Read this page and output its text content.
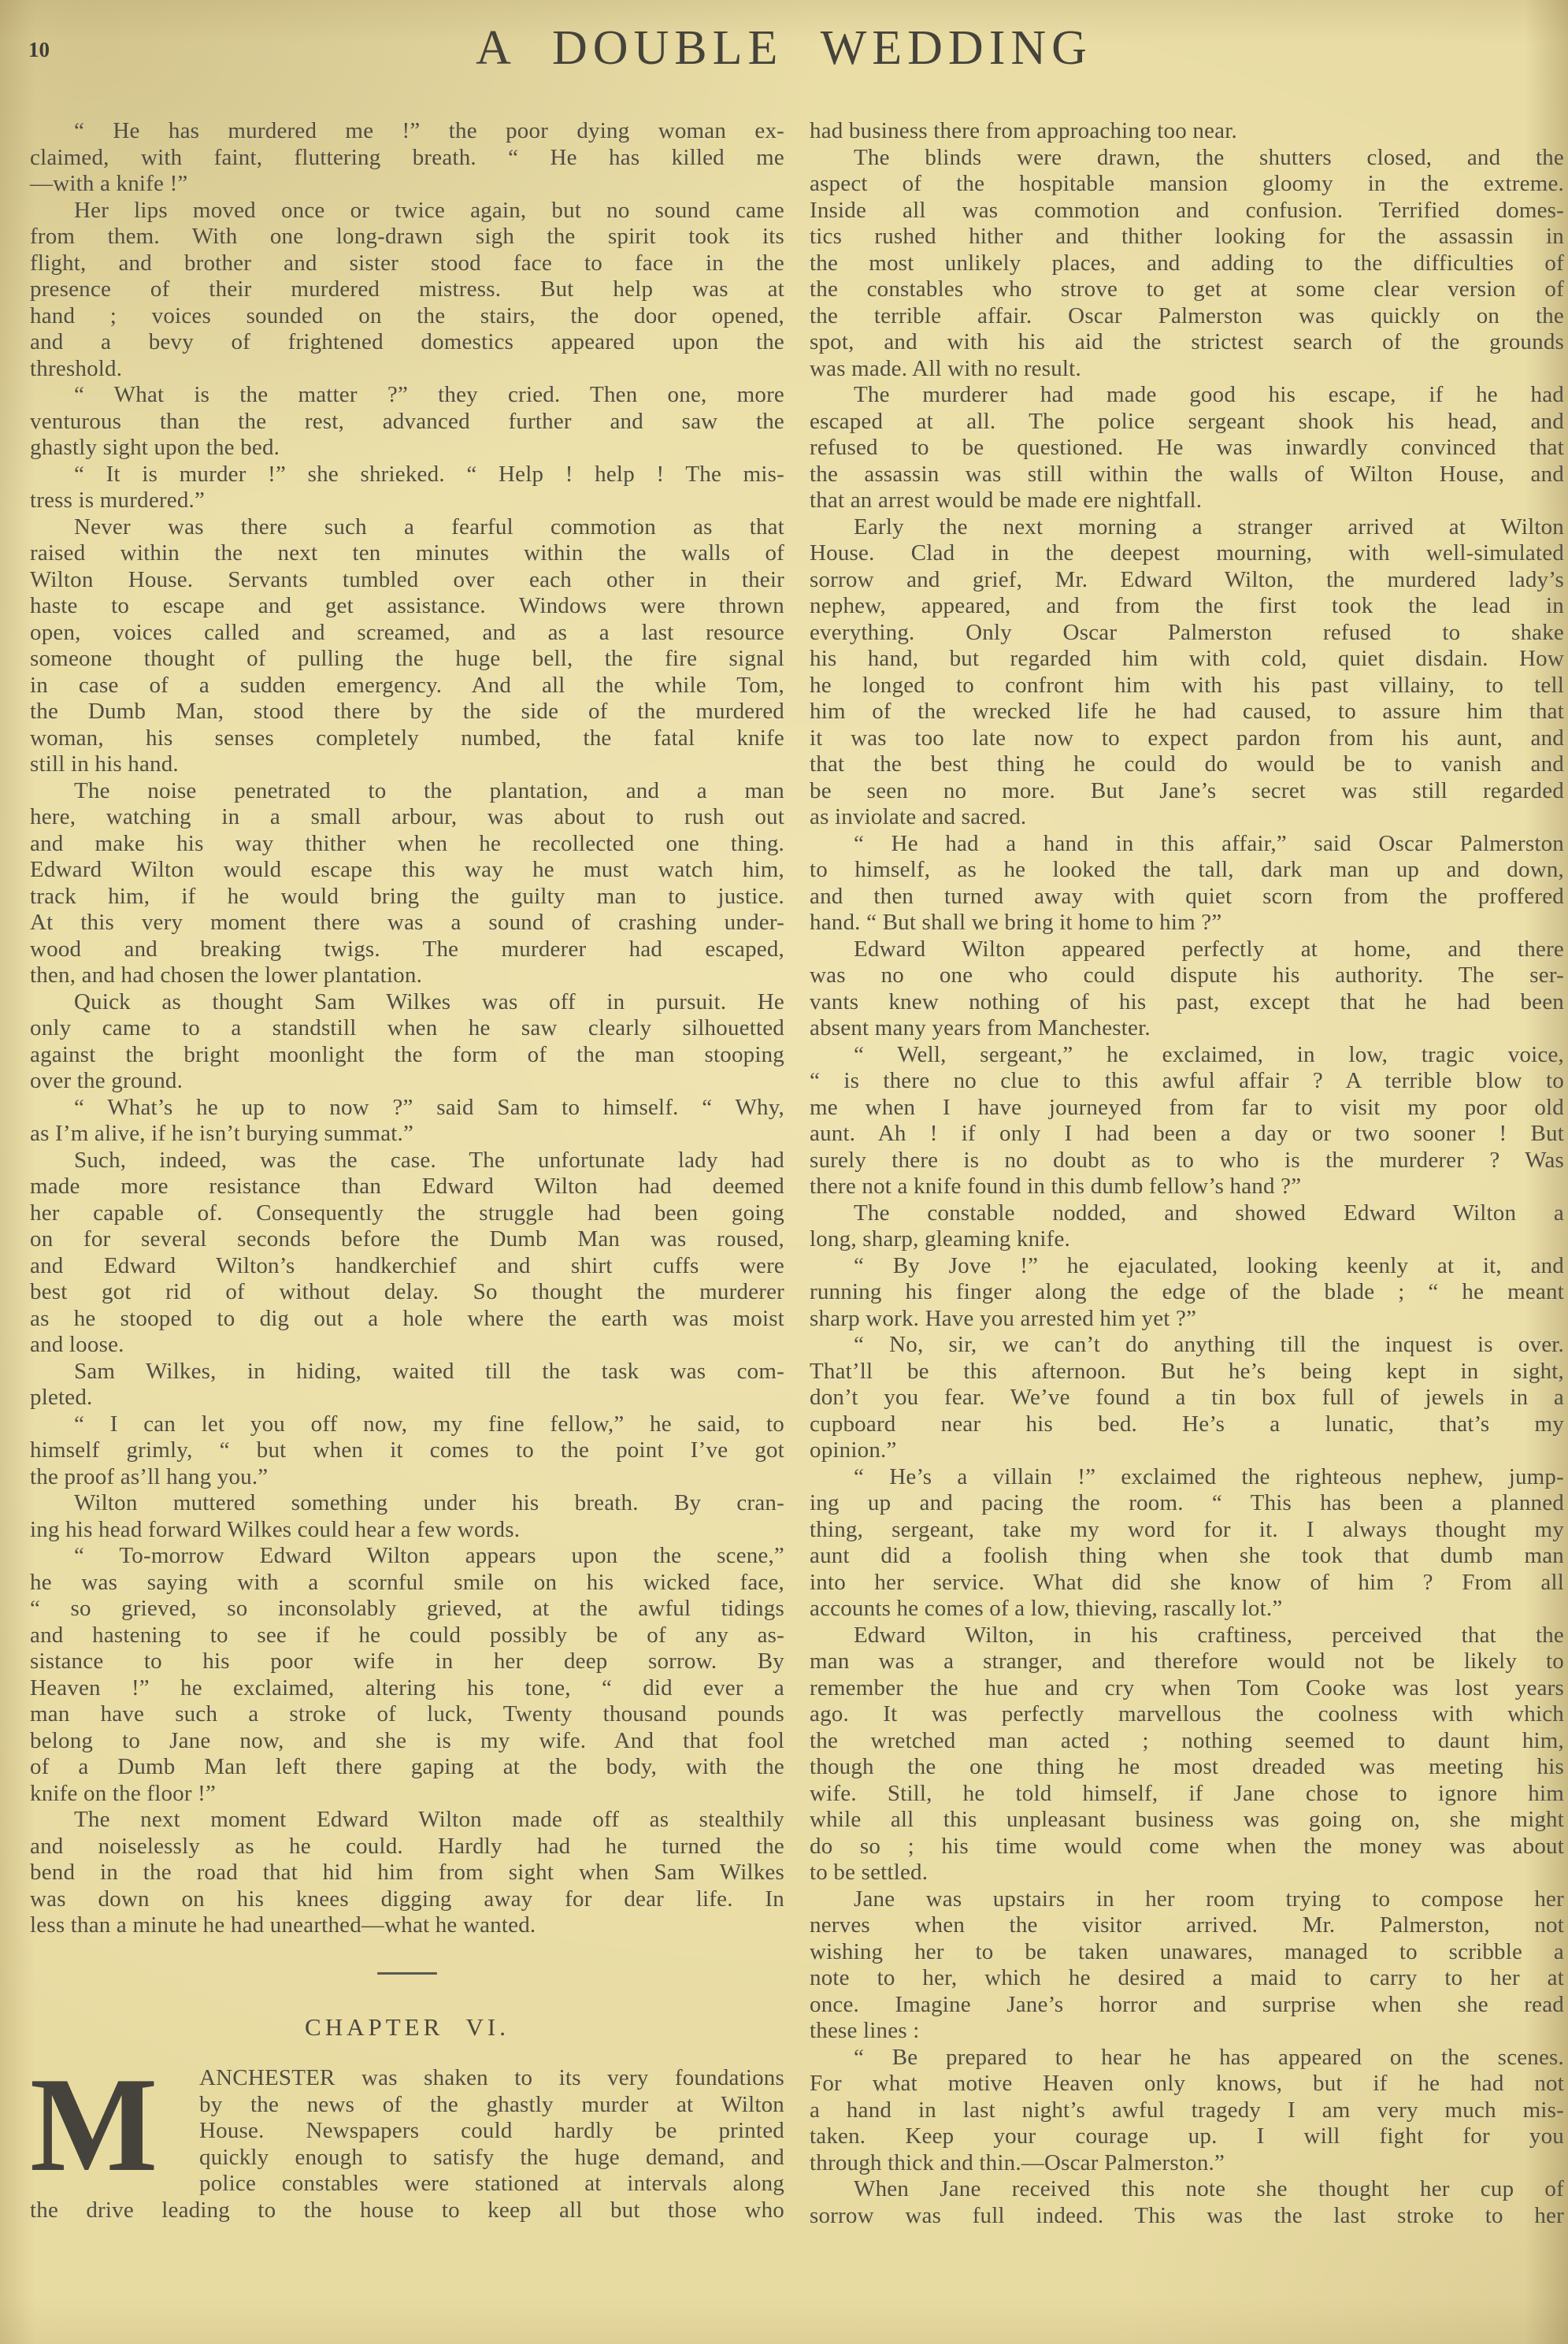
10	A DOUBLE WEDDING
“ He has murdered me !” the poor dying woman ex-
claimed, with faint, fluttering breath. “ He has killed me
—with a knife !”
Her lips moved once or twice again, but no sound came
from them. With one long-drawn sigh the spirit took its
flight, and brother and sister stood face to face in the
presence of their murdered mistress. But help was at
hand ; voices sounded on the stairs, the door opened,
and a bevy of frightened domestics appeared upon the
threshold.
“ What is the matter ?” they cried. Then one, more
venturous than the rest, advanced further and saw the
ghastly sight upon the bed.
“ It is murder !” she shrieked. “ Help ! help ! The mis-
tress is murdered.”
Never was there such a fearful commotion as that
raised within the next ten minutes within the walls of
Wilton House. Servants tumbled over each other in their
haste to escape and get assistance. Windows were thrown
open, voices called and screamed, and as a last resource
someone thought of pulling the huge bell, the fire signal
in case of a sudden emergency. And all the while Tom,
the Dumb Man, stood there by the side of the murdered
woman, his senses completely numbed, the fatal knife
still in his hand.
The noise penetrated to the plantation, and a man
here, watching in a small arbour, was about to rush out
and make his way thither when he recollected one thing.
Edward Wilton would escape this way he must watch him,
track him, if he would bring the guilty man to justice.
At this very moment there was a sound of crashing under-
wood and breaking twigs. The murderer had escaped,
then, and had chosen the lower plantation.
Quick as thought Sam Wilkes was off in pursuit. He
only came to a standstill when he saw clearly silhouetted
against the bright moonlight the form of the man stooping
over the ground.
“ What’s he up to now ?” said Sam to himself. “ Why,
as I’m alive, if he isn’t burying summat.”
Such, indeed, was the case. The unfortunate lady had
made more resistance than Edward Wilton had deemed
her capable of. Consequently the struggle had been going
on for several seconds before the Dumb Man was roused,
and Edward Wilton’s handkerchief and shirt cuffs were
best got rid of without delay. So thought the murderer
as he stooped to dig out a hole where the earth was moist
and loose.
Sam Wilkes, in hiding, waited till the task was com-
pleted.
“ I can let you off now, my fine fellow,” he said, to
himself grimly, “ but when it comes to the point I’ve got
the proof as’ll hang you.”
Wilton muttered something under his breath. By cran-
ing his head forward Wilkes could hear a few words.
“ To-morrow Edward Wilton appears upon the scene,”
he was saying with a scornful smile on his wicked face,
“ so grieved, so inconsolably grieved, at the awful tidings
and hastening to see if he could possibly be of any as-
sistance to his poor wife in her deep sorrow. By
Heaven !” he exclaimed, altering his tone, “ did ever a
man have such a stroke of luck, Twenty thousand pounds
belong to Jane now, and she is my wife. And that fool
of a Dumb Man left there gaping at the body, with the
knife on the floor !”
The next moment Edward Wilton made off as stealthily
and noiselessly as he could. Hardly had he turned the
bend in the road that hid him from sight when Sam Wilkes
was down on his knees digging away for dear life. In
less than a minute he had unearthed—what he wanted.
CHAPTER VI.
M	ANCHESTER was shaken to its very foundations
by the news of the ghastly murder at Wilton
House. Newspapers could hardly be printed
quickly enough to satisfy the huge demand, and
police constables were stationed at intervals along
the drive leading to the house to keep all but those who
had business there from approaching too near.
The blinds were drawn, the shutters closed, and the
aspect of the hospitable mansion gloomy in the extreme.
Inside all was commotion and confusion. Terrified domes-
tics rushed hither and thither looking for the assassin in
the most unlikely places, and adding to the difficulties of
the constables who strove to get at some clear version of
the terrible affair. Oscar Palmerston was quickly on the
spot, and with his aid the strictest search of the grounds
was made. All with no result.
The murderer had made good his escape, if he had
escaped at all. The police sergeant shook his head, and
refused to be questioned. He was inwardly convinced that
the assassin was still within the walls of Wilton House, and
that an arrest would be made ere nightfall.
Early the next morning a stranger arrived at Wilton
House. Clad in the deepest mourning, with well-simulated
sorrow and grief, Mr. Edward Wilton, the murdered lady’s
nephew, appeared, and from the first took the lead in
everything. Only Oscar Palmerston refused to shake
his hand, but regarded him with cold, quiet disdain. How
he longed to confront him with his past villainy, to tell
him of the wrecked life he had caused, to assure him that
it was too late now to expect pardon from his aunt, and
that the best thing he could do would be to vanish and
be seen no more. But Jane’s secret was still regarded
as inviolate and sacred.
“ He had a hand in this affair,” said Oscar Palmerston
to himself, as he looked the tall, dark man up and down,
and then turned away with quiet scorn from the proffered
hand. “ But shall we bring it home to him ?”
Edward Wilton appeared perfectly at home, and there
was no one who could dispute his authority. The ser-
vants knew nothing of his past, except that he had been
absent many years from Manchester.
“ Well, sergeant,” he exclaimed, in low, tragic voice,
“ is there no clue to this awful affair ? A terrible blow to
me when I have journeyed from far to visit my poor old
aunt. Ah ! if only I had been a day or two sooner ! But
surely there is no doubt as to who is the murderer ? Was
there not a knife found in this dumb fellow’s hand ?”
The constable nodded, and showed Edward Wilton a
long, sharp, gleaming knife.
“ By Jove !” he ejaculated, looking keenly at it, and
running his finger along the edge of the blade ; “ he meant
sharp work. Have you arrested him yet ?”
“ No, sir, we can’t do anything till the inquest is over.
That’ll be this afternoon. But he’s being kept in sight,
don’t you fear. We’ve found a tin box full of jewels in a
cupboard near his bed. He’s a lunatic, that’s my
opinion.”
“ He’s a villain !” exclaimed the righteous nephew, jump-
ing up and pacing the room. “ This has been a planned
thing, sergeant, take my word for it. I always thought my
aunt did a foolish thing when she took that dumb man
into her service. What did she know of him ? From all
accounts he comes of a low, thieving, rascally lot.”
Edward Wilton, in his craftiness, perceived that the
man was a stranger, and therefore would not be likely to
remember the hue and cry when Tom Cooke was lost years
ago. It was perfectly marvellous the coolness with which
the wretched man acted ; nothing seemed to daunt him,
though the one thing he most dreaded was meeting his
wife. Still, he told himself, if Jane chose to ignore him
while all this unpleasant business was going on, she might
do so ; his time would come when the money was about
to be settled.
Jane was upstairs in her room trying to compose her
nerves when the visitor arrived. Mr. Palmerston, not
wishing her to be taken unawares, managed to scribble a
note to her, which he desired a maid to carry to her at
once. Imagine Jane’s horror and surprise when she read
these lines :
“ Be prepared to hear he has appeared on the scenes.
For what motive Heaven only knows, but if he had not
a hand in last night’s awful tragedy I am very much mis-
taken. Keep your courage up. I will fight for you
through thick and thin.—Oscar Palmerston.”
When Jane received this note she thought her cup of
sorrow was full indeed. This was the last stroke to her
